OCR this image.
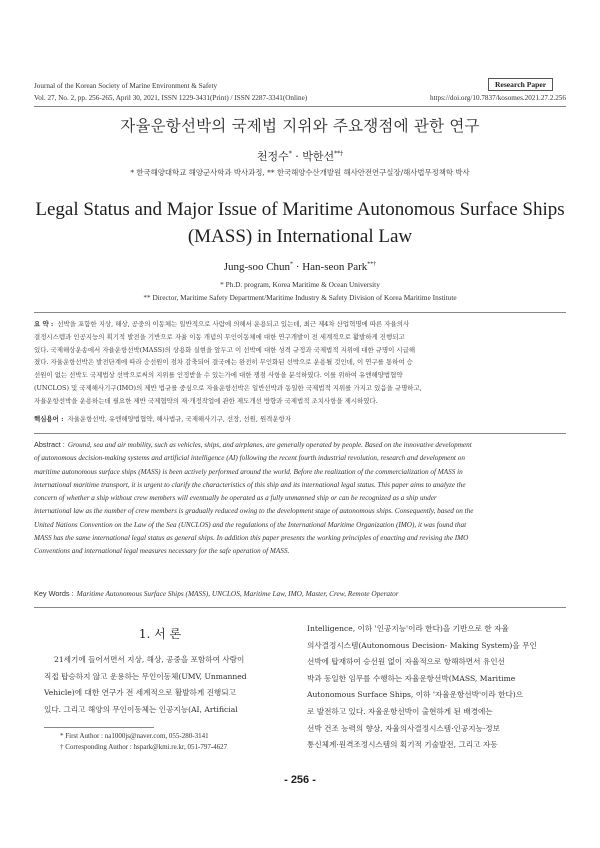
Journal of the Korean Society of Marine Environment & Safety	Research Paper
Vol. 27, No. 2, pp. 256-265, April 30, 2021, ISSN 1229-3431(Print) / ISSN 2287-3341(Online)	https://doi.org/10.7837/kosomes.2021.27.2.256
자율운항선박의 국제법 지위와 주요쟁점에 관한 연구
천정수* · 박한선**†
* 한국해양대학교 해양군사학과 박사과정, ** 한국해양수산개발원 해사안전연구실장/해사법무정책학 박사
Legal Status and Major Issue of Maritime Autonomous Surface Ships
(MASS) in International Law
Jung-soo Chun* · Han-seon Park**†
* Ph.D. program, Korea Maritime & Ocean University
** Director, Maritime Safety Department/Maritime Industry & Safety Division of Korea Maritime Institute
요 약 : 선박을 포함한 지상, 해상, 공중의 이동체는 일반적으로 사람에 의해서 운용되고 있는데, 최근 제4차 산업혁명에 따른 자율의사
결정시스템과 인공지능의 획기적 발전을 기반으로 자율 이동 개념의 무인이동체에 대한 연구개발이 전 세계적으로 활발하게 진행되고
있다. 국제해상운송에서 자율운항선박(MASS)의 상용화 실현을 앞두고 이 선박에 대한 성격 규정과 국제법적 지위에 대한 규명이 시급해
졌다. 자율운항선박은 발전단계에 따라 승선원이 점차 감축되어 결국에는 완전히 무인화된 선박으로 운용될 것인데, 이 연구를 통하여 승
선원이 없는 선박도 국제법상 선박으로써의 지위를 인정받을 수 있는가에 대한 쟁점 사항을 분석하였다. 이를 위하여 유엔해양법협약
(UNCLOS) 및 국제해사기구(IMO)의 제반 법규를 중심으로 자율운항선박은 일반선박과 동일한 국제법적 지위를 가지고 있음을 규명하고,
자율운항선박을 운용하는데 필요한 제반 국제협약의 재·개정작업에 관한 제도개선 방향과 국제법적 조치사항을 제시하였다.
핵심용어 : 자율운항선박, 유엔해양법협약, 해사법규, 국제해사기구, 선장, 선원, 원격운항자
Abstract : Ground, sea and air mobility, such as vehicles, ships, and airplanes, are generally operated by people. Based on the innovative development
of autonomous decision-making systems and artificial intelligence (AI) following the recent fourth industrial revolution, research and development on
maritime autonomous surface ships (MASS) is been actively performed around the world. Before the realization of the commercialization of MASS in
international maritime transport, it is urgent to clarify the characteristics of this ship and its international legal status. This paper aims to analyze the
concern of whether a ship without crew members will eventually be operated as a fully unmanned ship or can be recognized as a ship under
international law as the number of crew members is gradually reduced owing to the development stage of autonomous ships. Consequently, based on the
United Nations Convention on the Law of the Sea (UNCLOS) and the regulations of the International Maritime Organization (IMO), it was found that
MASS has the same international legal status as general ships. In addition this paper presents the working principles of enacting and revising the IMO
Conventions and international legal measures necessary for the safe operation of MASS.
Key Words : Maritime Autonomous Surface Ships (MASS), UNCLOS, Maritime Law, IMO, Master, Crew, Remote Operator
1. 서 론
21세기에 들어서면서 지상, 해상, 공중을 포함하여 사람이
직접 탑승하지 않고 운용하는 무인이동체(UMV, Unmanned
Vehicle)에 대한 연구가 전 세계적으로 활발하게 진행되고
있다. 그리고 해양의 무인이동체는 인공지능(AI, Artificial
Intelligence, 이하 '인공지능'이라 한다)을 기반으로 한 자율
의사결정시스템(Autonomous Decision- Making System)을 무인
선박에 탑재하여 승선원 없이 자율적으로 항해하면서 유인선
박과 동일한 임무를 수행하는 자율운항선박(MASS, Maritime
Autonomous Surface Ships, 이하 '자율운항선박'이라 한다)으
로 발전하고 있다. 자율운항선박이 출현하게 된 배경에는
선박 건조 능력의 향상, 자율의사결정시스템·인공지능·정보
통신체계·원격조정시스템의 획기적 기술발전, 그리고 자동
* First Author : na1000js@naver.com, 055-280-3141
† Corresponding Author : hspark@kmi.re.kr, 051-797-4627
- 256 -
